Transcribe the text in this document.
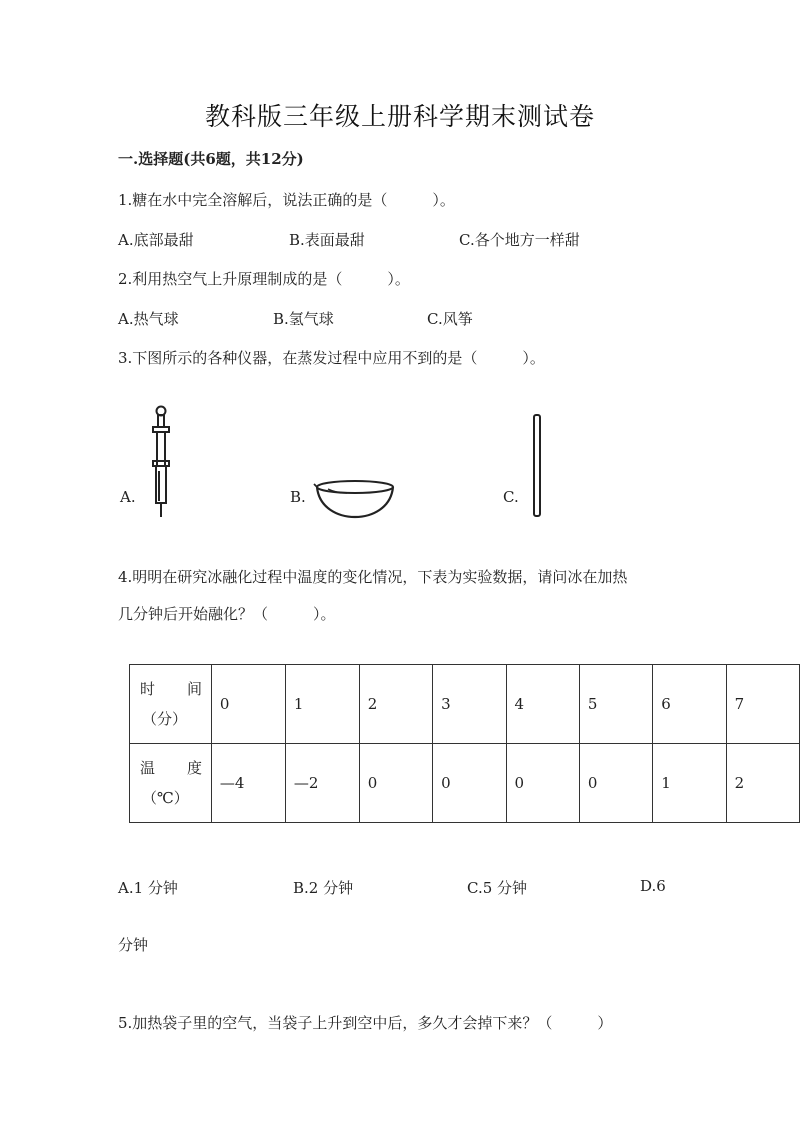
教科版三年级上册科学期末测试卷
一.选择题(共6题，共12分)
1.糖在水中完全溶解后，说法正确的是（　　　）。
A.底部最甜	B.表面最甜	C.各个地方一样甜
2.利用热空气上升原理制成的是（　　　）。
A.热气球	B.氢气球	C.风筝
3.下图所示的各种仪器，在蒸发过程中应用不到的是（　　　）。
A.	B.	C.
4.明明在研究冰融化过程中温度的变化情况，下表为实验数据，请问冰在加热
几分钟后开始融化？（　　　）。
时 间
（分）	0	1	2	3	4	5	6	7

温 度
（℃）	—4	—2	0	0	0	0	1	2
A.1 分钟	B.2 分钟	C.5 分钟	D.6
分钟
5.加热袋子里的空气，当袋子上升到空中后，多久才会掉下来？（　　　）
